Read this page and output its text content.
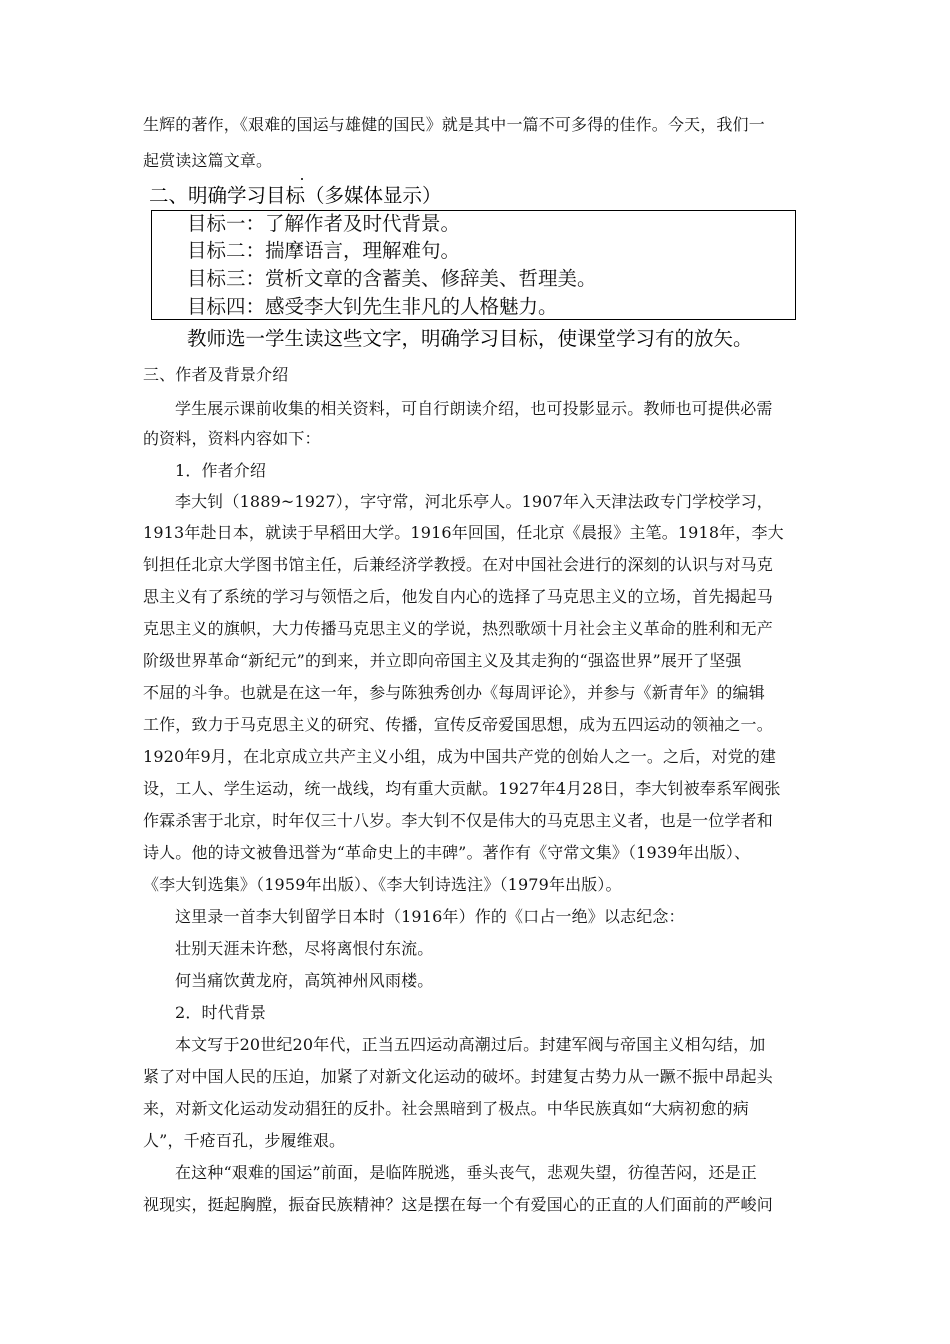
生辉的著作，《艰难的国运与雄健的国民》就是其中一篇不可多得的佳作。今天，我们一
起赏读这篇文章。
二、明确学习目标（多媒体显示）
目标一：了解作者及时代背景。
目标二：揣摩语言，理解难句。
目标三：赏析文章的含蓄美、修辞美、哲理美。
目标四：感受李大钊先生非凡的人格魅力。
教师选一学生读这些文字，明确学习目标，使课堂学习有的放矢。
三、作者及背景介绍
学生展示课前收集的相关资料，可自行朗读介绍，也可投影显示。教师也可提供必需
的资料，资料内容如下：
1．作者介绍
李大钊（1889~1927），字守常，河北乐亭人。1907年入天津法政专门学校学习，
1913年赴日本，就读于早稻田大学。1916年回国，任北京《晨报》主笔。1918年，李大
钊担任北京大学图书馆主任，后兼经济学教授。在对中国社会进行的深刻的认识与对马克
思主义有了系统的学习与领悟之后，他发自内心的选择了马克思主义的立场，首先揭起马
克思主义的旗帜，大力传播马克思主义的学说，热烈歌颂十月社会主义革命的胜利和无产
阶级世界革命“新纪元”的到来，并立即向帝国主义及其走狗的“强盗世界”展开了坚强
不屈的斗争。也就是在这一年，参与陈独秀创办《每周评论》，并参与《新青年》的编辑
工作，致力于马克思主义的研究、传播，宣传反帝爱国思想，成为五四运动的领袖之一。
1920年9月，在北京成立共产主义小组，成为中国共产党的创始人之一。之后，对党的建
设，工人、学生运动，统一战线，均有重大贡献。1927年4月28日，李大钊被奉系军阀张
作霖杀害于北京，时年仅三十八岁。李大钊不仅是伟大的马克思主义者，也是一位学者和
诗人。他的诗文被鲁迅誉为“革命史上的丰碑”。著作有《守常文集》（1939年出版）、
《李大钊选集》（1959年出版）、《李大钊诗选注》（1979年出版）。
这里录一首李大钊留学日本时（1916年）作的《口占一绝》以志纪念：
壮别天涯未许愁，尽将离恨付东流。
何当痛饮黄龙府，高筑神州风雨楼。
2．时代背景
本文写于20世纪20年代，正当五四运动高潮过后。封建军阀与帝国主义相勾结，加
紧了对中国人民的压迫，加紧了对新文化运动的破坏。封建复古势力从一蹶不振中昂起头
来，对新文化运动发动猖狂的反扑。社会黑暗到了极点。中华民族真如“大病初愈的病
人”，千疮百孔，步履维艰。
在这种“艰难的国运”前面，是临阵脱逃，垂头丧气，悲观失望，彷徨苦闷，还是正
视现实，挺起胸膛，振奋民族精神？这是摆在每一个有爱国心的正直的人们面前的严峻问
